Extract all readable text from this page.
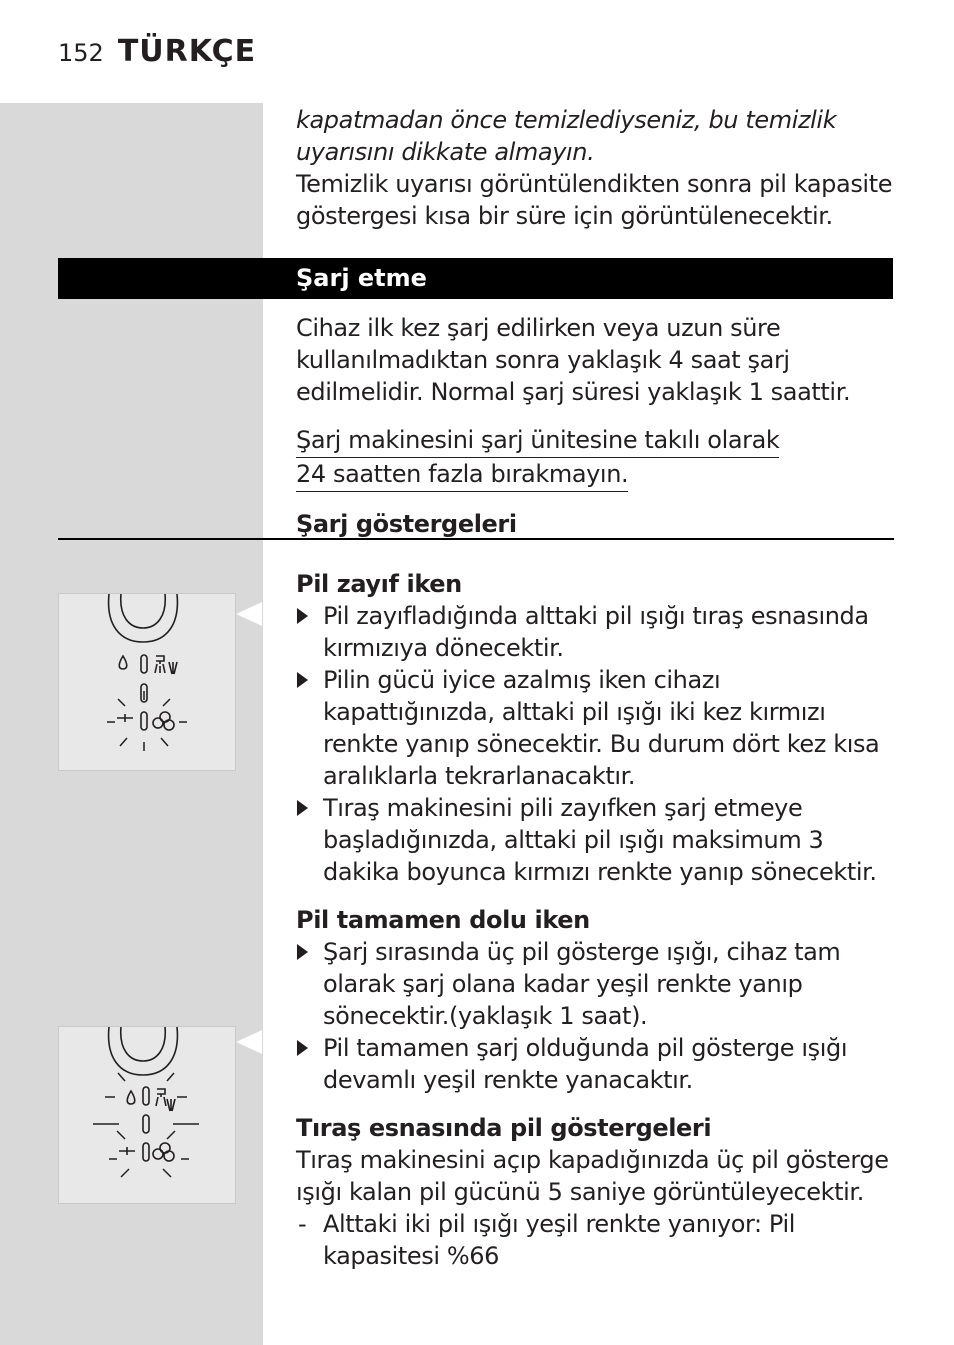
152 TÜRKÇE

kapatmadan önce temizlediyseniz, bu temizlik uyarısını dikkate almayın.

Temizlik uyarısı görüntülendikten sonra pil kapasite göstergesi kısa bir süre için görüntülenecektir.

Şarj etme

Cihaz ilk kez şarj edilirken veya uzun süre kullanılmadıktan sonra yaklaşık 4 saat şarj edilmelidir. Normal şarj süresi yaklaşık 1 saattir.

Şarj makinesini şarj ünitesine takılı olarak
24 saatten fazla bırakmayın.

Şarj göstergeleri

Pil zayıf iken

Pil zayıfladığında alttaki pil ışığı tıraş esnasında kırmızıya dönecektir.
Pilin gücü iyice azalmış iken cihazı kapattığınızda, alttaki pil ışığı iki kez kırmızı renkte yanıp sönecektir. Bu durum dört kez kısa aralıklarla tekrarlanacaktır.
Tıraş makinesini pili zayıfken şarj etmeye başladığınızda, alttaki pil ışığı maksimum 3 dakika boyunca kırmızı renkte yanıp sönecektir.

Pil tamamen dolu iken

Şarj sırasında üç pil gösterge ışığı, cihaz tam olarak şarj olana kadar yeşil renkte yanıp sönecektir.(yaklaşık 1 saat).
Pil tamamen şarj olduğunda pil gösterge ışığı devamlı yeşil renkte yanacaktır.

Tıraş esnasında pil göstergeleri

Tıraş makinesini açıp kapadığınızda üç pil gösterge ışığı kalan pil gücünü 5 saniye görüntüleyecektir.

- Alttaki iki pil ışığı yeşil renkte yanıyor: Pil kapasitesi %66
